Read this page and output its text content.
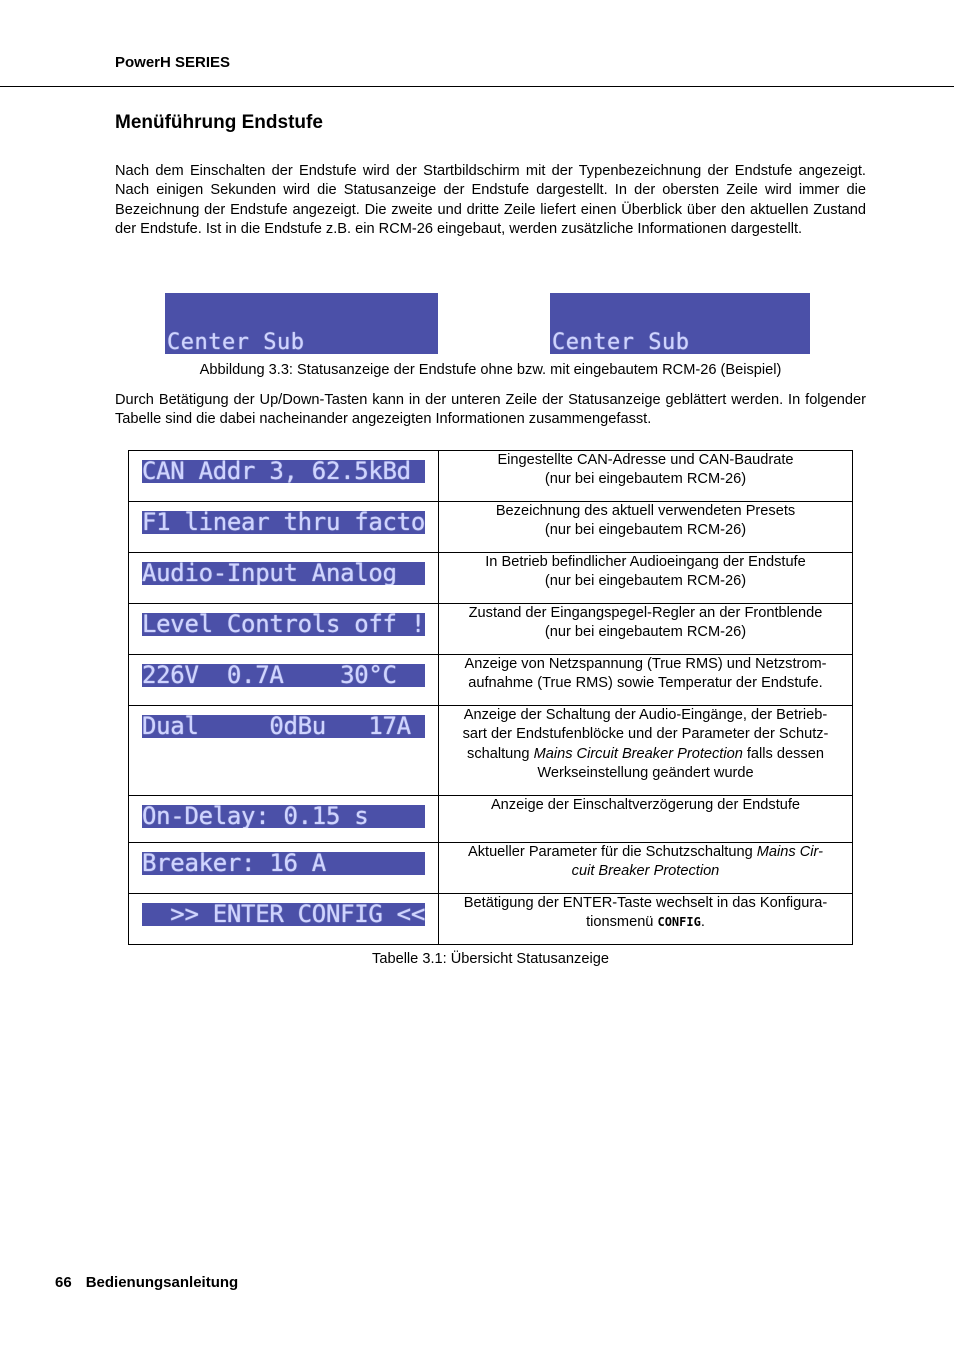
PowerH SERIES
Menüführung Endstufe

Nach dem Einschalten der Endstufe wird der Startbildschirm mit der Typenbezeichnung der Endstufe angezeigt. Nach einigen Sekunden wird die Statusanzeige der Endstufe dargestellt. In der obersten Zeile wird immer die Bezeichnung der Endstufe angezeigt. Die zweite und dritte Zeile liefert einen Überblick über den aktuellen Zustand der Endstufe. Ist in die Endstufe z.B. ein RCM-26 eingebaut, werden zusätzliche Informationen dargestellt.

Center Sub

	Center Sub

Abbildung 3.3: Statusanzeige der Endstufe ohne bzw. mit eingebautem RCM-26 (Beispiel)

Durch Betätigung der Up/Down-Tasten kann in der unteren Zeile der Statusanzeige geblättert werden. In folgender Tabelle sind die dabei nacheinander angezeigten Informationen zusammengefasst.

CAN Addr 3, 62.5kBd	Eingestellte CAN-Adresse und CAN-Baudrate
(nur bei eingebautem RCM-26)

F1 linear thru facto	Bezeichnung des aktuell verwendeten Presets
(nur bei eingebautem RCM-26)

Audio-Input Analog	In Betrieb befindlicher Audioeingang der Endstufe
(nur bei eingebautem RCM-26)

Level Controls off !	Zustand der Eingangspegel-Regler an der Frontblende
(nur bei eingebautem RCM-26)

226V  0.7A    30°C	Anzeige von Netzspannung (True RMS) und Netzstrom-
aufnahme (True RMS) sowie Temperatur der Endstufe.

Dual     0dBu   17A	Anzeige der Schaltung der Audio-Eingänge, der Betrieb-
sart der Endstufenblöcke und der Parameter der Schutz-
schaltung Mains Circuit Breaker Protection falls dessen
Werkseinstellung geändert wurde

On-Delay: 0.15 s	Anzeige der Einschaltverzögerung der Endstufe

Breaker: 16 A	Aktueller Parameter für die Schutzschaltung Mains Cir-
cuit Breaker Protection

>> ENTER CONFIG <<	Betätigung der ENTER-Taste wechselt in das Konfigura-
tionsmenü CONFIG.
Tabelle 3.1: Übersicht Statusanzeige
66 Bedienungsanleitung
